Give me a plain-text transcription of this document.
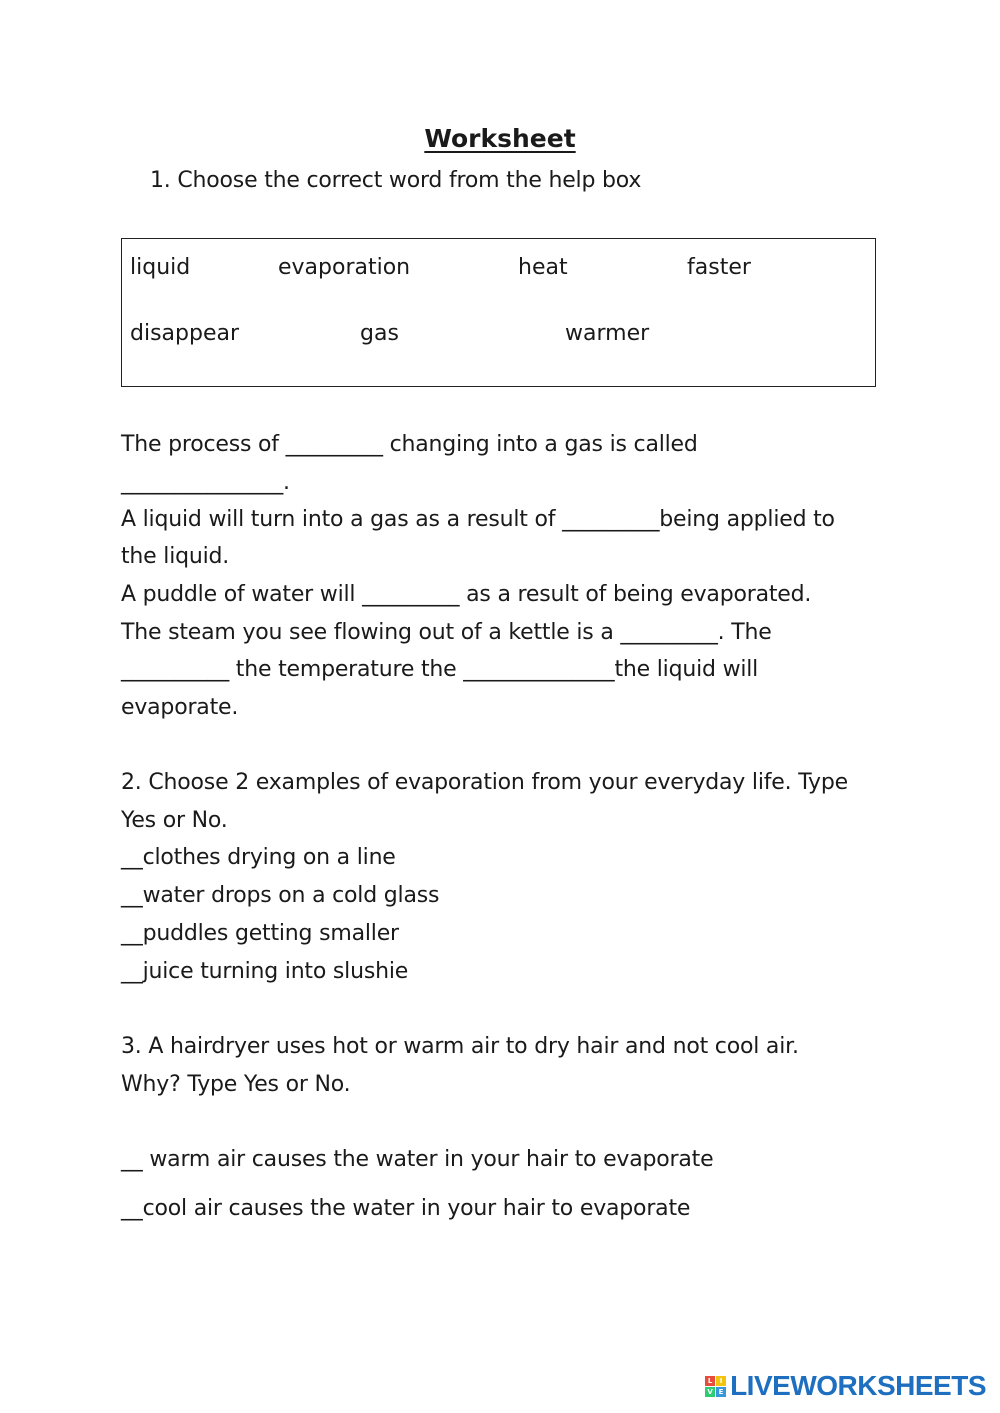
Worksheet
1. Choose the correct word from the help box
liquid	evaporation	heat	faster
disappear	gas	warmer
The process of _________ changing into a gas is called
_______________.
A liquid will turn into a gas as a result of _________being applied to
the liquid.
A puddle of water will _________ as a result of being evaporated.
The steam you see flowing out of a kettle is a _________. The
__________ the temperature the ______________the liquid will
evaporate.
2. Choose 2 examples of evaporation from your everyday life. Type
Yes or No.
__clothes drying on a line
__water drops on a cold glass
__puddles getting smaller
__juice turning into slushie
3. A hairdryer uses hot or warm air to dry hair and not cool air.
Why? Type Yes or No.
__ warm air causes the water in your hair to evaporate
__cool air causes the water in your hair to evaporate
L	I
V E LIVEWORKSHEETS
